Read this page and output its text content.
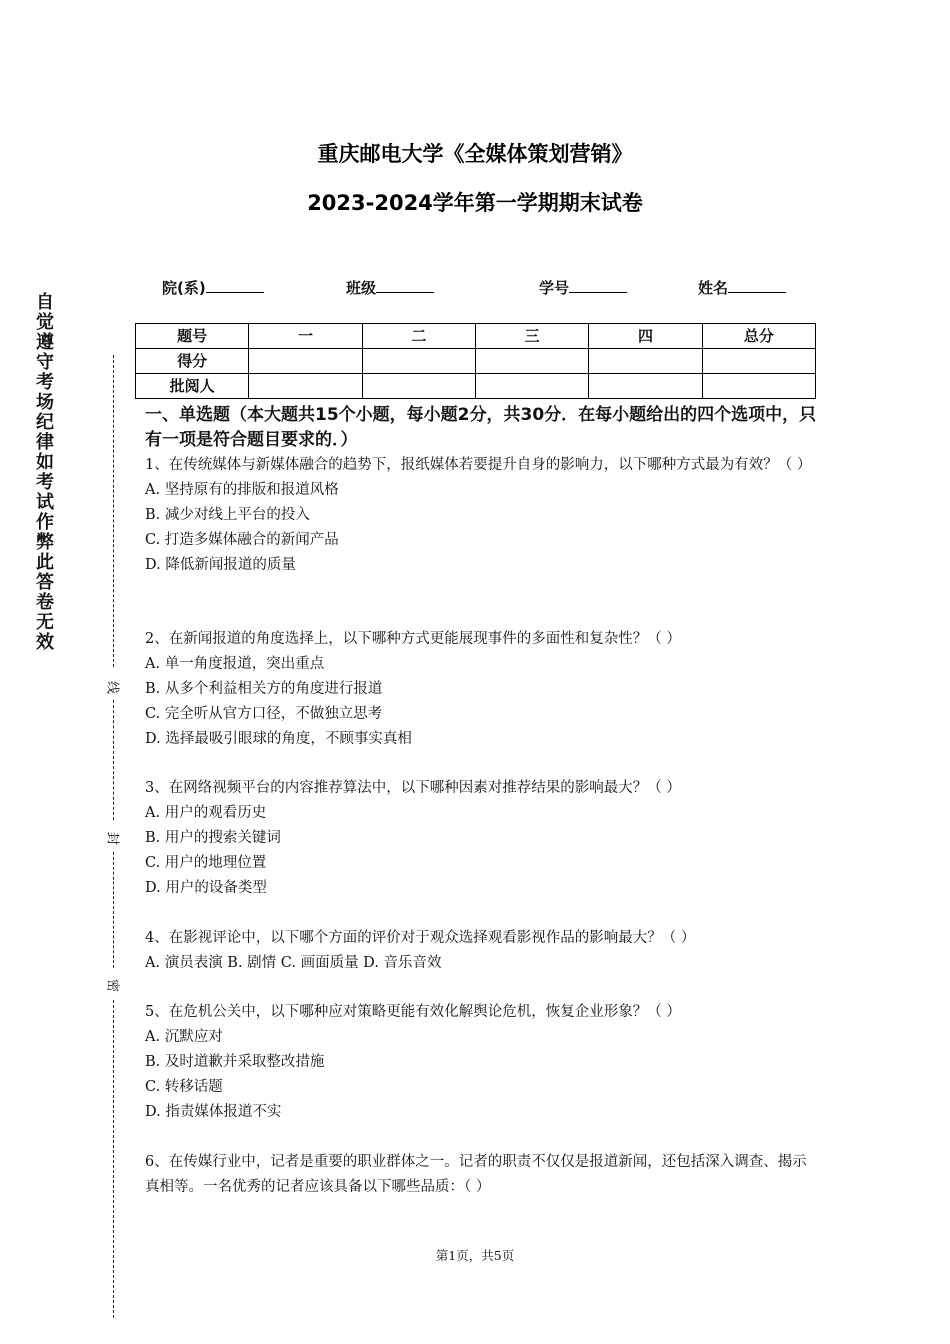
重庆邮电大学《全媒体策划营销》
2023-2024学年第一学期期末试卷
院(系)	班级	学号	姓名
题号	一	二	三	四	总分
得分					
批阅人					
自
觉
遵
守
考
场
纪
律
如
考
试
作
弊
此
答
卷
无
效
线
封
密
一、单选题（本大题共15个小题，每小题2分，共30分．在每小题给出的四个选项中，只有一项是符合题目要求的．）

1、在传统媒体与新媒体融合的趋势下，报纸媒体若要提升自身的影响力，以下哪种方式最为有效？（ ）

A. 坚持原有的排版和报道风格

B. 减少对线上平台的投入

C. 打造多媒体融合的新闻产品

D. 降低新闻报道的质量

2、在新闻报道的角度选择上，以下哪种方式更能展现事件的多面性和复杂性？（ ）

A. 单一角度报道，突出重点

B. 从多个利益相关方的角度进行报道

C. 完全听从官方口径，不做独立思考

D. 选择最吸引眼球的角度，不顾事实真相

3、在网络视频平台的内容推荐算法中，以下哪种因素对推荐结果的影响最大？（ ）

A. 用户的观看历史

B. 用户的搜索关键词

C. 用户的地理位置

D. 用户的设备类型

4、在影视评论中，以下哪个方面的评价对于观众选择观看影视作品的影响最大？（ ）

A. 演员表演 B. 剧情 C. 画面质量 D. 音乐音效

5、在危机公关中，以下哪种应对策略更能有效化解舆论危机，恢复企业形象？（ ）

A. 沉默应对

B. 及时道歉并采取整改措施

C. 转移话题

D. 指责媒体报道不实

6、在传媒行业中，记者是重要的职业群体之一。记者的职责不仅仅是报道新闻，还包括深入调查、揭示真相等。一名优秀的记者应该具备以下哪些品质：（ ）

第1页，共5页
